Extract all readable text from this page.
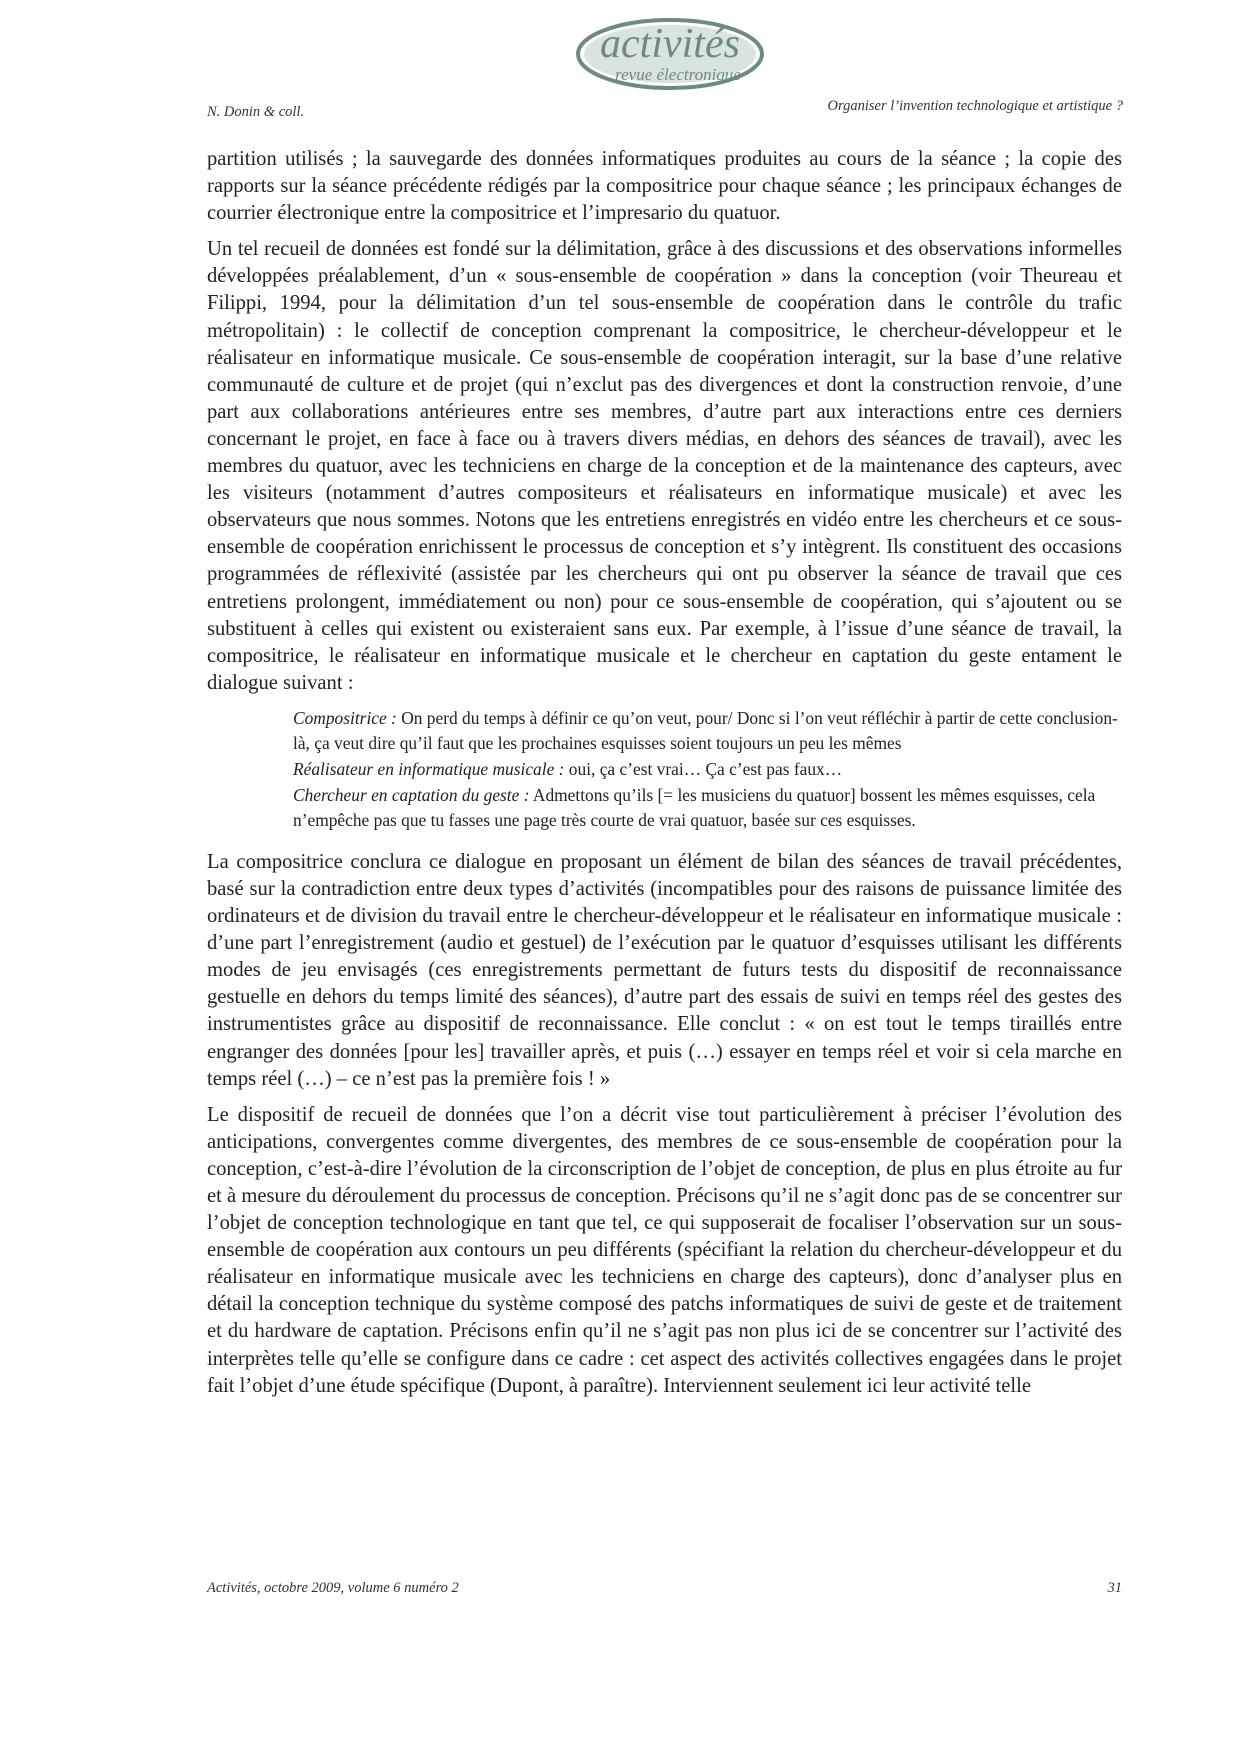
activités
revue électronique
N. Donin & coll.	Organiser l’invention technologique et artistique ?

partition utilisés ; la sauvegarde des données informatiques produites au cours de la séance ; la copie des rapports sur la séance précédente rédigés par la compositrice pour chaque séance ; les principaux échanges de courrier électronique entre la compositrice et l’impresario du quatuor.

Un tel recueil de données est fondé sur la délimitation, grâce à des discussions et des observations informelles développées préalablement, d’un « sous-ensemble de coopération » dans la conception (voir Theureau et Filippi, 1994, pour la délimitation d’un tel sous-ensemble de coopération dans le contrôle du trafic métropolitain) : le collectif de conception comprenant la compositrice, le chercheur-développeur et le réalisateur en informatique musicale. Ce sous-ensemble de coopération interagit, sur la base d’une relative communauté de culture et de projet (qui n’exclut pas des divergences et dont la construction renvoie, d’une part aux collaborations antérieures entre ses membres, d’autre part aux interactions entre ces derniers concernant le projet, en face à face ou à travers divers médias, en dehors des séances de travail), avec les membres du quatuor, avec les techniciens en charge de la conception et de la maintenance des capteurs, avec les visiteurs (notamment d’autres compositeurs et réalisateurs en informatique musicale) et avec les observateurs que nous sommes. Notons que les entretiens enregistrés en vidéo entre les chercheurs et ce sous-ensemble de coopération enrichissent le processus de conception et s’y intègrent. Ils constituent des occasions programmées de réflexivité (assistée par les chercheurs qui ont pu observer la séance de travail que ces entretiens prolongent, immédiatement ou non) pour ce sous-ensemble de coopération, qui s’ajoutent ou se substituent à celles qui existent ou existeraient sans eux. Par exemple, à l’issue d’une séance de travail, la compositrice, le réalisateur en informatique musicale et le chercheur en captation du geste entament le dialogue suivant :

Compositrice : On perd du temps à définir ce qu’on veut, pour/ Donc si l’on veut réfléchir à partir de cette conclusion-là, ça veut dire qu’il faut que les prochaines esquisses soient toujours un peu les mêmes
Réalisateur en informatique musicale : oui, ça c’est vrai… Ça c’est pas faux…
Chercheur en captation du geste : Admettons qu’ils [= les musiciens du quatuor] bossent les mêmes esquisses, cela n’empêche pas que tu fasses une page très courte de vrai quatuor, basée sur ces esquisses.

La compositrice conclura ce dialogue en proposant un élément de bilan des séances de travail précédentes, basé sur la contradiction entre deux types d’activités (incompatibles pour des raisons de puissance limitée des ordinateurs et de division du travail entre le chercheur-développeur et le réalisateur en informatique musicale : d’une part l’enregistrement (audio et gestuel) de l’exécution par le quatuor d’esquisses utilisant les différents modes de jeu envisagés (ces enregistrements permettant de futurs tests du dispositif de reconnaissance gestuelle en dehors du temps limité des séances), d’autre part des essais de suivi en temps réel des gestes des instrumentistes grâce au dispositif de reconnaissance. Elle conclut : « on est tout le temps tiraillés entre engranger des données [pour les] travailler après, et puis (…) essayer en temps réel et voir si cela marche en temps réel (…) – ce n’est pas la première fois ! »

Le dispositif de recueil de données que l’on a décrit vise tout particulièrement à préciser l’évolution des anticipations, convergentes comme divergentes, des membres de ce sous-ensemble de coopération pour la conception, c’est-à-dire l’évolution de la circonscription de l’objet de conception, de plus en plus étroite au fur et à mesure du déroulement du processus de conception. Précisons qu’il ne s’agit donc pas de se concentrer sur l’objet de conception technologique en tant que tel, ce qui supposerait de focaliser l’observation sur un sous-ensemble de coopération aux contours un peu différents (spécifiant la relation du chercheur-développeur et du réalisateur en informatique musicale avec les techniciens en charge des capteurs), donc d’analyser plus en détail la conception technique du système composé des patchs informatiques de suivi de geste et de traitement et du hardware de captation. Précisons enfin qu’il ne s’agit pas non plus ici de se concentrer sur l’activité des interprètes telle qu’elle se configure dans ce cadre : cet aspect des activités collectives engagées dans le projet fait l’objet d’une étude spécifique (Dupont, à paraître). Interviennent seulement ici leur activité telle

Activités, octobre 2009, volume 6 numéro 2	31
